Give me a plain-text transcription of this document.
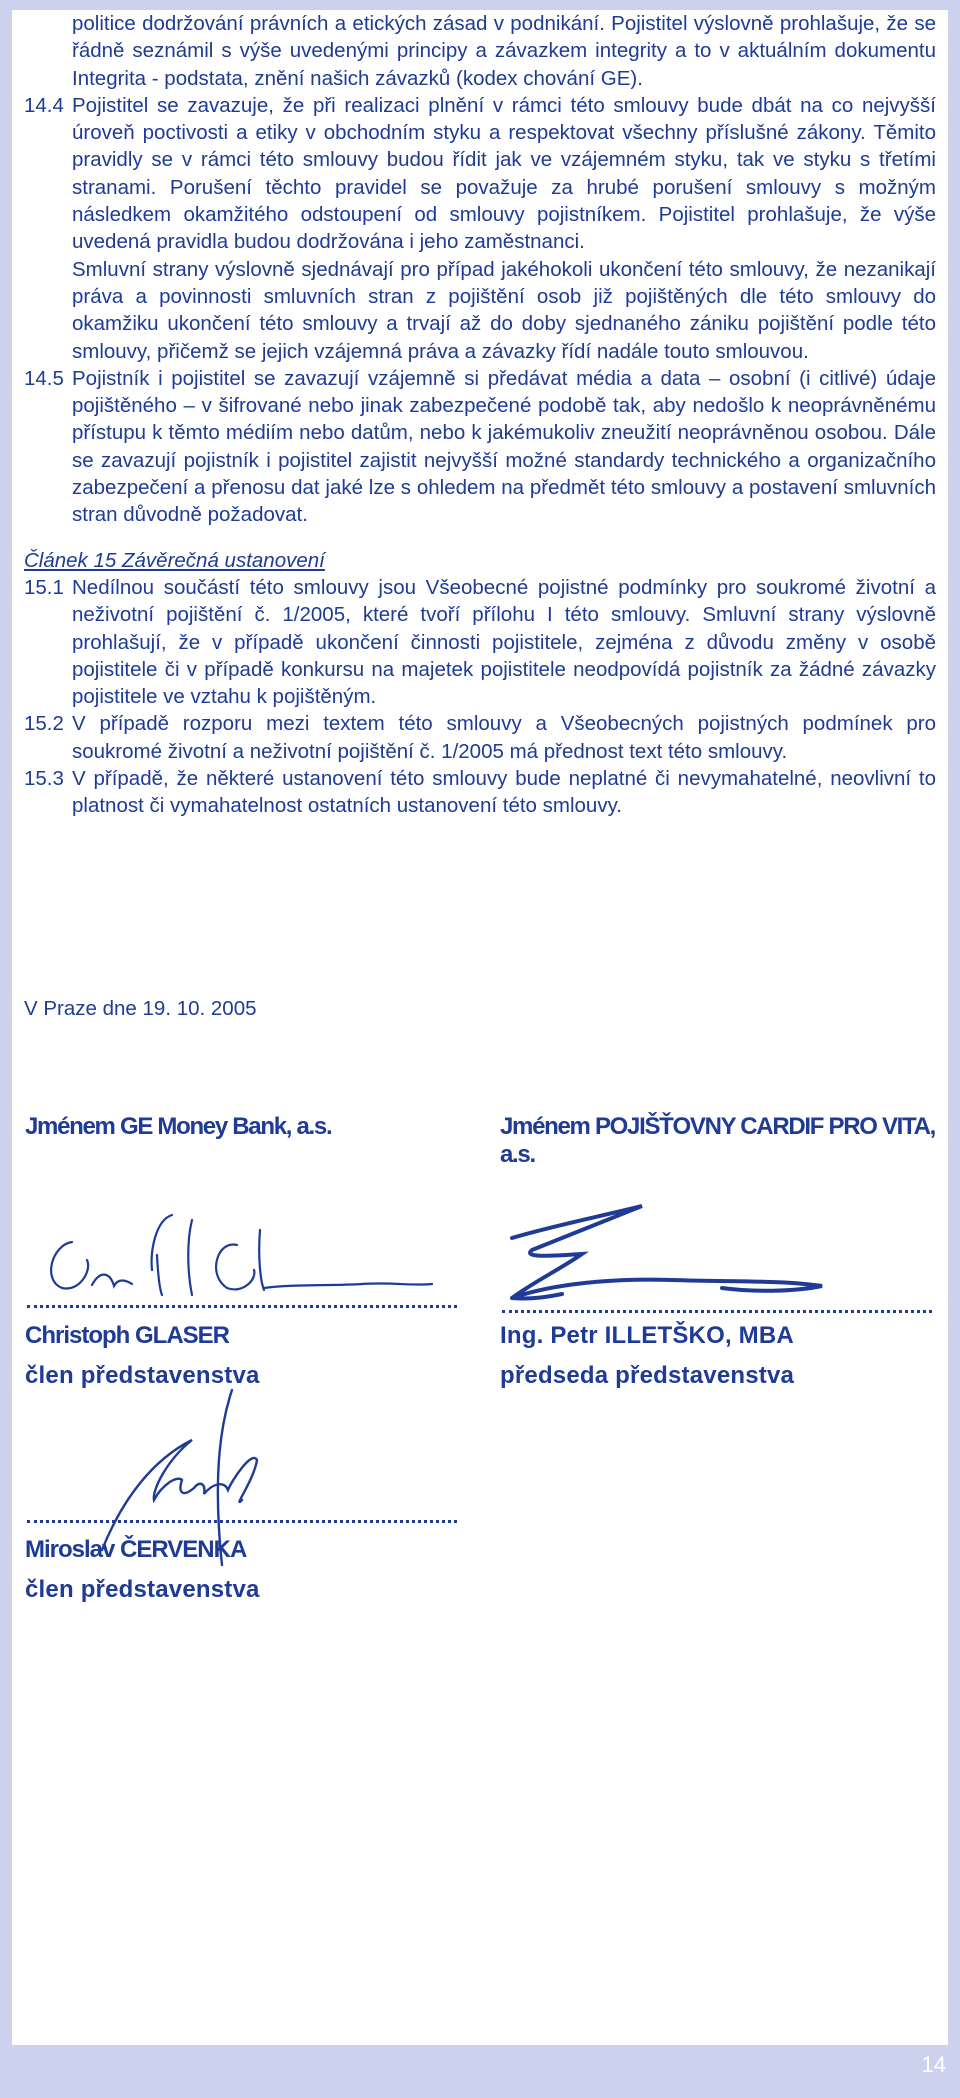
politice dodržování právních a etických zásad v podnikání. Pojistitel výslovně prohlašuje, že se řádně seznámil s výše uvedenými principy a závazkem integrity a to v aktuálním dokumentu Integrita - podstata, znění našich závazků (kodex chování GE).

14.4 Pojistitel se zavazuje, že při realizaci plnění v rámci této smlouvy bude dbát na co nejvyšší úroveň poctivosti a etiky v obchodním styku a respektovat všechny příslušné zákony. Těmito pravidly se v rámci této smlouvy budou řídit jak ve vzájemném styku, tak ve styku s třetími stranami. Porušení těchto pravidel se považuje za hrubé porušení smlouvy s možným následkem okamžitého odstoupení od smlouvy pojistníkem. Pojistitel prohlašuje, že výše uvedená pravidla budou dodržována i jeho zaměstnanci.

Smluvní strany výslovně sjednávají pro případ jakéhokoli ukončení této smlouvy, že nezanikají práva a povinnosti smluvních stran z pojištění osob již pojištěných dle této smlouvy do okamžiku ukončení této smlouvy a trvají až do doby sjednaného zániku pojištění podle této smlouvy, přičemž se jejich vzájemná práva a závazky řídí nadále touto smlouvou.

14.5 Pojistník i pojistitel se zavazují vzájemně si předávat média a data – osobní (i citlivé) údaje pojištěného – v šifrované nebo jinak zabezpečené podobě tak, aby nedošlo k neoprávněnému přístupu k těmto médiím nebo datům, nebo k jakémukoliv zneužití neoprávněnou osobou. Dále se zavazují pojistník i pojistitel zajistit nejvyšší možné standardy technického a organizačního zabezpečení a přenosu dat jaké lze s ohledem na předmět této smlouvy a postavení smluvních stran důvodně požadovat.

Článek 15 Závěrečná ustanovení

15.1 Nedílnou součástí této smlouvy jsou Všeobecné pojistné podmínky pro soukromé životní a neživotní pojištění č. 1/2005, které tvoří přílohu I této smlouvy. Smluvní strany výslovně prohlašují, že v případě ukončení činnosti pojistitele, zejména z důvodu změny v osobě pojistitele či v případě konkursu na majetek pojistitele neodpovídá pojistník za žádné závazky pojistitele ve vztahu k pojištěným.

15.2 V případě rozporu mezi textem této smlouvy a Všeobecných pojistných podmínek pro soukromé životní a neživotní pojištění č. 1/2005 má přednost text této smlouvy.

15.3 V případě, že některé ustanovení této smlouvy bude neplatné či nevymahatelné, neovlivní to platnost či vymahatelnost ostatních ustanovení této smlouvy.

V Praze dne 19. 10. 2005
Jménem GE Money Bank, a.s.	Jménem POJIŠŤOVNY CARDIF PRO VITA, a.s.
Christoph GLASER
člen představenstva
Ing. Petr ILLETŠKO, MBA
předseda představenstva
Miroslav ČERVENKA
člen představenstva
14
